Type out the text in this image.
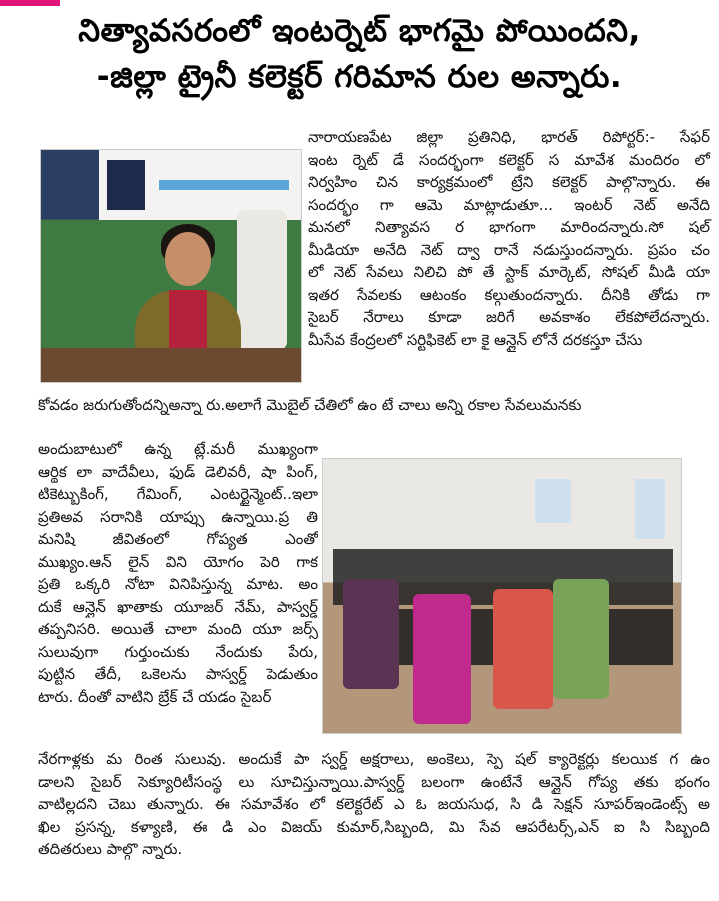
నిత్యావసరంలో ఇంటర్నెట్ భాగమై పోయిందని,
-జిల్లా ట్రైనీ కలెక్టర్ గరిమాన రుల అన్నారు.

నారాయణపేట జిల్లా ప్రతినిధి, భారత్ రిపోర్టర్:- సేఫర్

ఇంట ర్నెట్ డే సందర్భంగా కలెక్టర్ స మావేశ మందిరం లో

నిర్వహిం చిన కార్యక్రమంలో ట్రేని కలెక్టర్ పాల్గొన్నారు. ఈ

సందర్భం గా ఆమె మాట్లాడుతూ... ఇంటర్ నెట్ అనేది

మనలో నిత్యావస ర భాగంగా మారిందన్నారు.సో షల్

మీడియా అనేది నెట్ ద్వా రానే నడుస్తుందన్నారు. ప్రపం చం

లో నెట్ సేవలు నిలిచి పో తే స్టాక్ మార్కెట్, సోషల్ మీడి యా

ఇతర సేవలకు ఆటంకం కల్గుతుందన్నారు. దీనికి తోడు గా

సైబర్ నేరాలు కూడా జరిగే అవకాశం లేకపోలేదన్నారు.

మీసేవ కేంద్రలలో సర్టిఫికెట్ లా కై ఆన్లైన్ లోనే దరకస్తూ చేసు

కోవడం జరుగుతోందన్నిఅన్నా రు.అలాగే మొబైల్ చేతిలో ఉం టే చాలు అన్ని రకాల సేవలుమనకు

అందుబాటులో ఉన్న ట్లే.మరీ ముఖ్యంగా

ఆర్థిక లా వాదేవీలు, ఫుడ్ డెలివరీ, షా పింగ్,

టికెట్బుకింగ్, గేమింగ్, ఎంటర్టైన్మెంట్..ఇలా

ప్రతిఅవ సరానికి యాప్సు ఉన్నాయి.ప్ర తి

మనిషి జీవితంలో గోప్యత ఎంతో

ముఖ్యం.ఆన్ లైన్ విని యోగం పెరి గాక

ప్రతి ఒక్కరి నోటా వినిపిస్తున్న మాట. అం

దుకే ఆన్లైన్ ఖాతాకు యూజర్ నేమ్, పాస్వర్డ్

తప్పనిసరి. అయితే చాలా మంది యూ జర్స్

సులువుగా గుర్తుంచుకు నేందుకు పేరు,

పుట్టిన తేదీ, ఒకెలను పాస్వర్డ్ పెడుతుం

టారు. దీంతో వాటిని బ్రేక్ చే యడం సైబర్

నేరగాళ్లకు మ రింత సులువు. అందుకే పా స్వర్డ్ అక్షరాలు, అంకెలు, స్పె షల్ క్యారెక్టర్లు కలయిక గ ఉం

డాలని సైబర్ సెక్యూరిటీసంస్థ లు సూచిస్తున్నాయి.పాస్వర్డ్ బలంగా ఉంటేనే ఆన్లైన్ గోప్య తకు భంగం

వాటిల్లదని చెబు తున్నారు. ఈ సమావేశం లో కలెక్టరేట్ ఎ ఓ జయసుధ, సి డి సెక్షన్ సూపర్ఇండెంట్స్ అ

ఖిల ప్రసన్న, కళ్యాణి, ఈ డి ఎం విజయ్ కుమార్,సిబ్బంది, మి సేవ ఆపరేటర్స్,ఎన్ ఐ సి సిబ్బంది

తదితరులు పాల్గొ న్నారు.
